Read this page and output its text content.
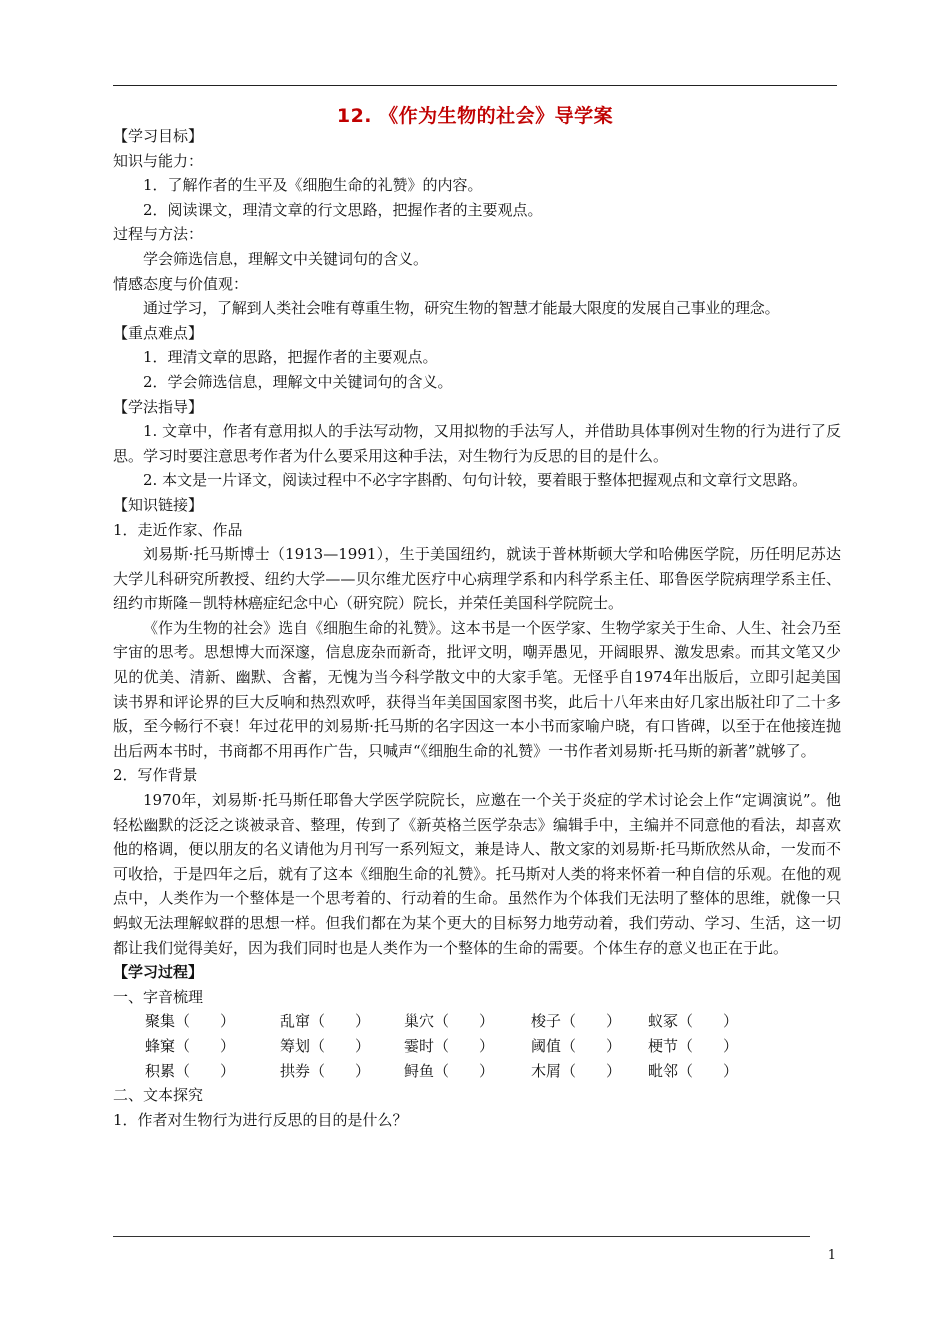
12. 《作为生物的社会》导学案

【学习目标】

知识与能力：

1．了解作者的生平及《细胞生命的礼赞》的内容。

2．阅读课文，理清文章的行文思路，把握作者的主要观点。

过程与方法：

学会筛选信息，理解文中关键词句的含义。

情感态度与价值观：

通过学习，了解到人类社会唯有尊重生物，研究生物的智慧才能最大限度的发展自己事业的理念。

【重点难点】

1．理清文章的思路，把握作者的主要观点。

2．学会筛选信息，理解文中关键词句的含义。

【学法指导】

1. 文章中，作者有意用拟人的手法写动物，又用拟物的手法写人，并借助具体事例对生物的行为进行了反思。学习时要注意思考作者为什么要采用这种手法，对生物行为反思的目的是什么。

2. 本文是一片译文，阅读过程中不必字字斟酌、句句计较，要着眼于整体把握观点和文章行文思路。

【知识链接】

1．走近作家、作品

刘易斯·托马斯博士（1913—1991），生于美国纽约，就读于普林斯顿大学和哈佛医学院，历任明尼苏达大学儿科研究所教授、纽约大学——贝尔维尤医疗中心病理学系和内科学系主任、耶鲁医学院病理学系主任、纽约市斯隆－凯特林癌症纪念中心（研究院）院长，并荣任美国科学院院士。

《作为生物的社会》选自《细胞生命的礼赞》。这本书是一个医学家、生物学家关于生命、人生、社会乃至宇宙的思考。思想博大而深邃，信息庞杂而新奇，批评文明，嘲弄愚见，开阔眼界、激发思索。而其文笔又少见的优美、清新、幽默、含蓄，无愧为当今科学散文中的大家手笔。无怪乎自1974年出版后，立即引起美国读书界和评论界的巨大反响和热烈欢呼，获得当年美国国家图书奖，此后十八年来由好几家出版社印了二十多版，至今畅行不衰！年过花甲的刘易斯·托马斯的名字因这一本小书而家喻户晓，有口皆碑，以至于在他接连抛出后两本书时，书商都不用再作广告，只喊声“《细胞生命的礼赞》一书作者刘易斯·托马斯的新著”就够了。

2．写作背景

1970年，刘易斯·托马斯任耶鲁大学医学院院长，应邀在一个关于炎症的学术讨论会上作“定调演说”。他轻松幽默的泛泛之谈被录音、整理，传到了《新英格兰医学杂志》编辑手中，主编并不同意他的看法，却喜欢他的格调，便以朋友的名义请他为月刊写一系列短文，兼是诗人、散文家的刘易斯·托马斯欣然从命，一发而不可收拾，于是四年之后，就有了这本《细胞生命的礼赞》。托马斯对人类的将来怀着一种自信的乐观。在他的观点中，人类作为一个整体是一个思考着的、行动着的生命。虽然作为个体我们无法明了整体的思维，就像一只蚂蚁无法理解蚁群的思想一样。但我们都在为某个更大的目标努力地劳动着，我们劳动、学习、生活，这一切都让我们觉得美好，因为我们同时也是人类作为一个整体的生命的需要。个体生存的意义也正在于此。

【学习过程】

一、字音梳理

聚集（　　）	乱窜（　　）	巢穴（　　）	梭子（　　）	蚁冢（　　）
蜂窠（　　）	筹划（　　）	霎时（　　）	阈值（　　）	梗节（　　）
积累（　　）	拱券（　　）	鲟鱼（　　）	木屑（　　）	毗邻（　　）

二、文本探究

1．作者对生物行为进行反思的目的是什么？

1
